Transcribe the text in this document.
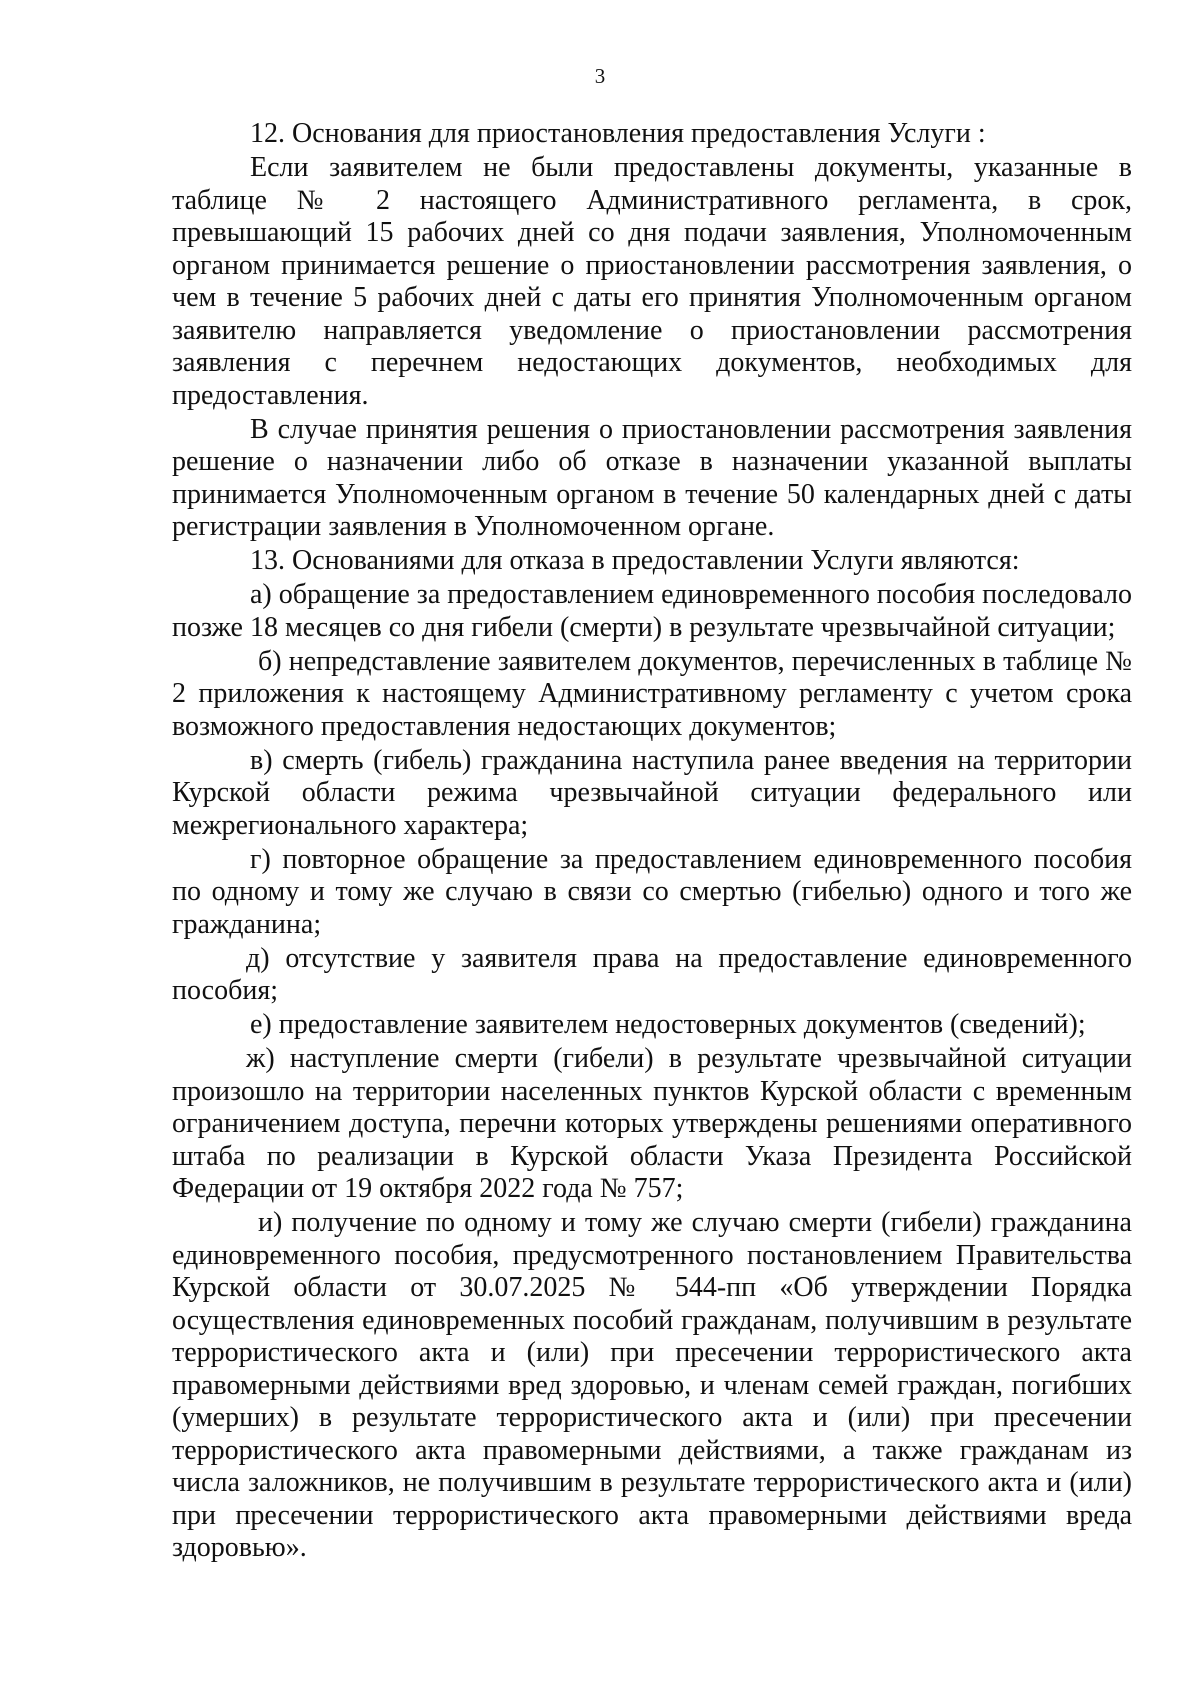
3

12. Основания для приостановления предоставления Услуги :

Если заявителем не были предоставлены документы, указанные в таблице № 2 настоящего Административного регламента, в срок, превышающий 15 рабочих дней со дня подачи заявления, Уполномоченным органом принимается решение о приостановлении рассмотрения заявления, о чем в течение 5 рабочих дней с даты его принятия Уполномоченным органом заявителю направляется уведомление о приостановлении рассмотрения заявления с перечнем недостающих документов, необходимых для предоставления.

В случае принятия решения о приостановлении рассмотрения заявления решение о назначении либо об отказе в назначении указанной выплаты принимается Уполномоченным органом в течение 50 календарных дней с даты регистрации заявления в Уполномоченном органе.

13. Основаниями для отказа в предоставлении Услуги являются:

а) обращение за предоставлением единовременного пособия последовало позже 18 месяцев со дня гибели (смерти) в результате чрезвычайной ситуации;

б) непредставление заявителем документов, перечисленных в таблице № 2 приложения к настоящему Административному регламенту с учетом срока возможного предоставления недостающих документов;

в) смерть (гибель) гражданина наступила ранее введения на территории Курской области режима чрезвычайной ситуации федерального или межрегионального характера;

г) повторное обращение за предоставлением единовременного пособия по одному и тому же случаю в связи со смертью (гибелью) одного и того же гражданина;

д) отсутствие у заявителя права на предоставление единовременного пособия;

е) предоставление заявителем недостоверных документов (сведений);

ж) наступление смерти (гибели) в результате чрезвычайной ситуации произошло на территории населенных пунктов Курской области с временным ограничением доступа, перечни которых утверждены решениями оперативного штаба по реализации в Курской области Указа Президента Российской Федерации от 19 октября 2022 года № 757;

и) получение по одному и тому же случаю смерти (гибели) гражданина единовременного пособия, предусмотренного постановлением Правительства Курской области от 30.07.2025 № 544-пп «Об утверждении Порядка осуществления единовременных пособий гражданам, получившим в результате террористического акта и (или) при пресечении террористического акта правомерными действиями вред здоровью, и членам семей граждан, погибших (умерших) в результате террористического акта и (или) при пресечении террористического акта правомерными действиями, а также гражданам из числа заложников, не получившим в результате террористического акта и (или) при пресечении террористического акта правомерными действиями вреда здоровью».
